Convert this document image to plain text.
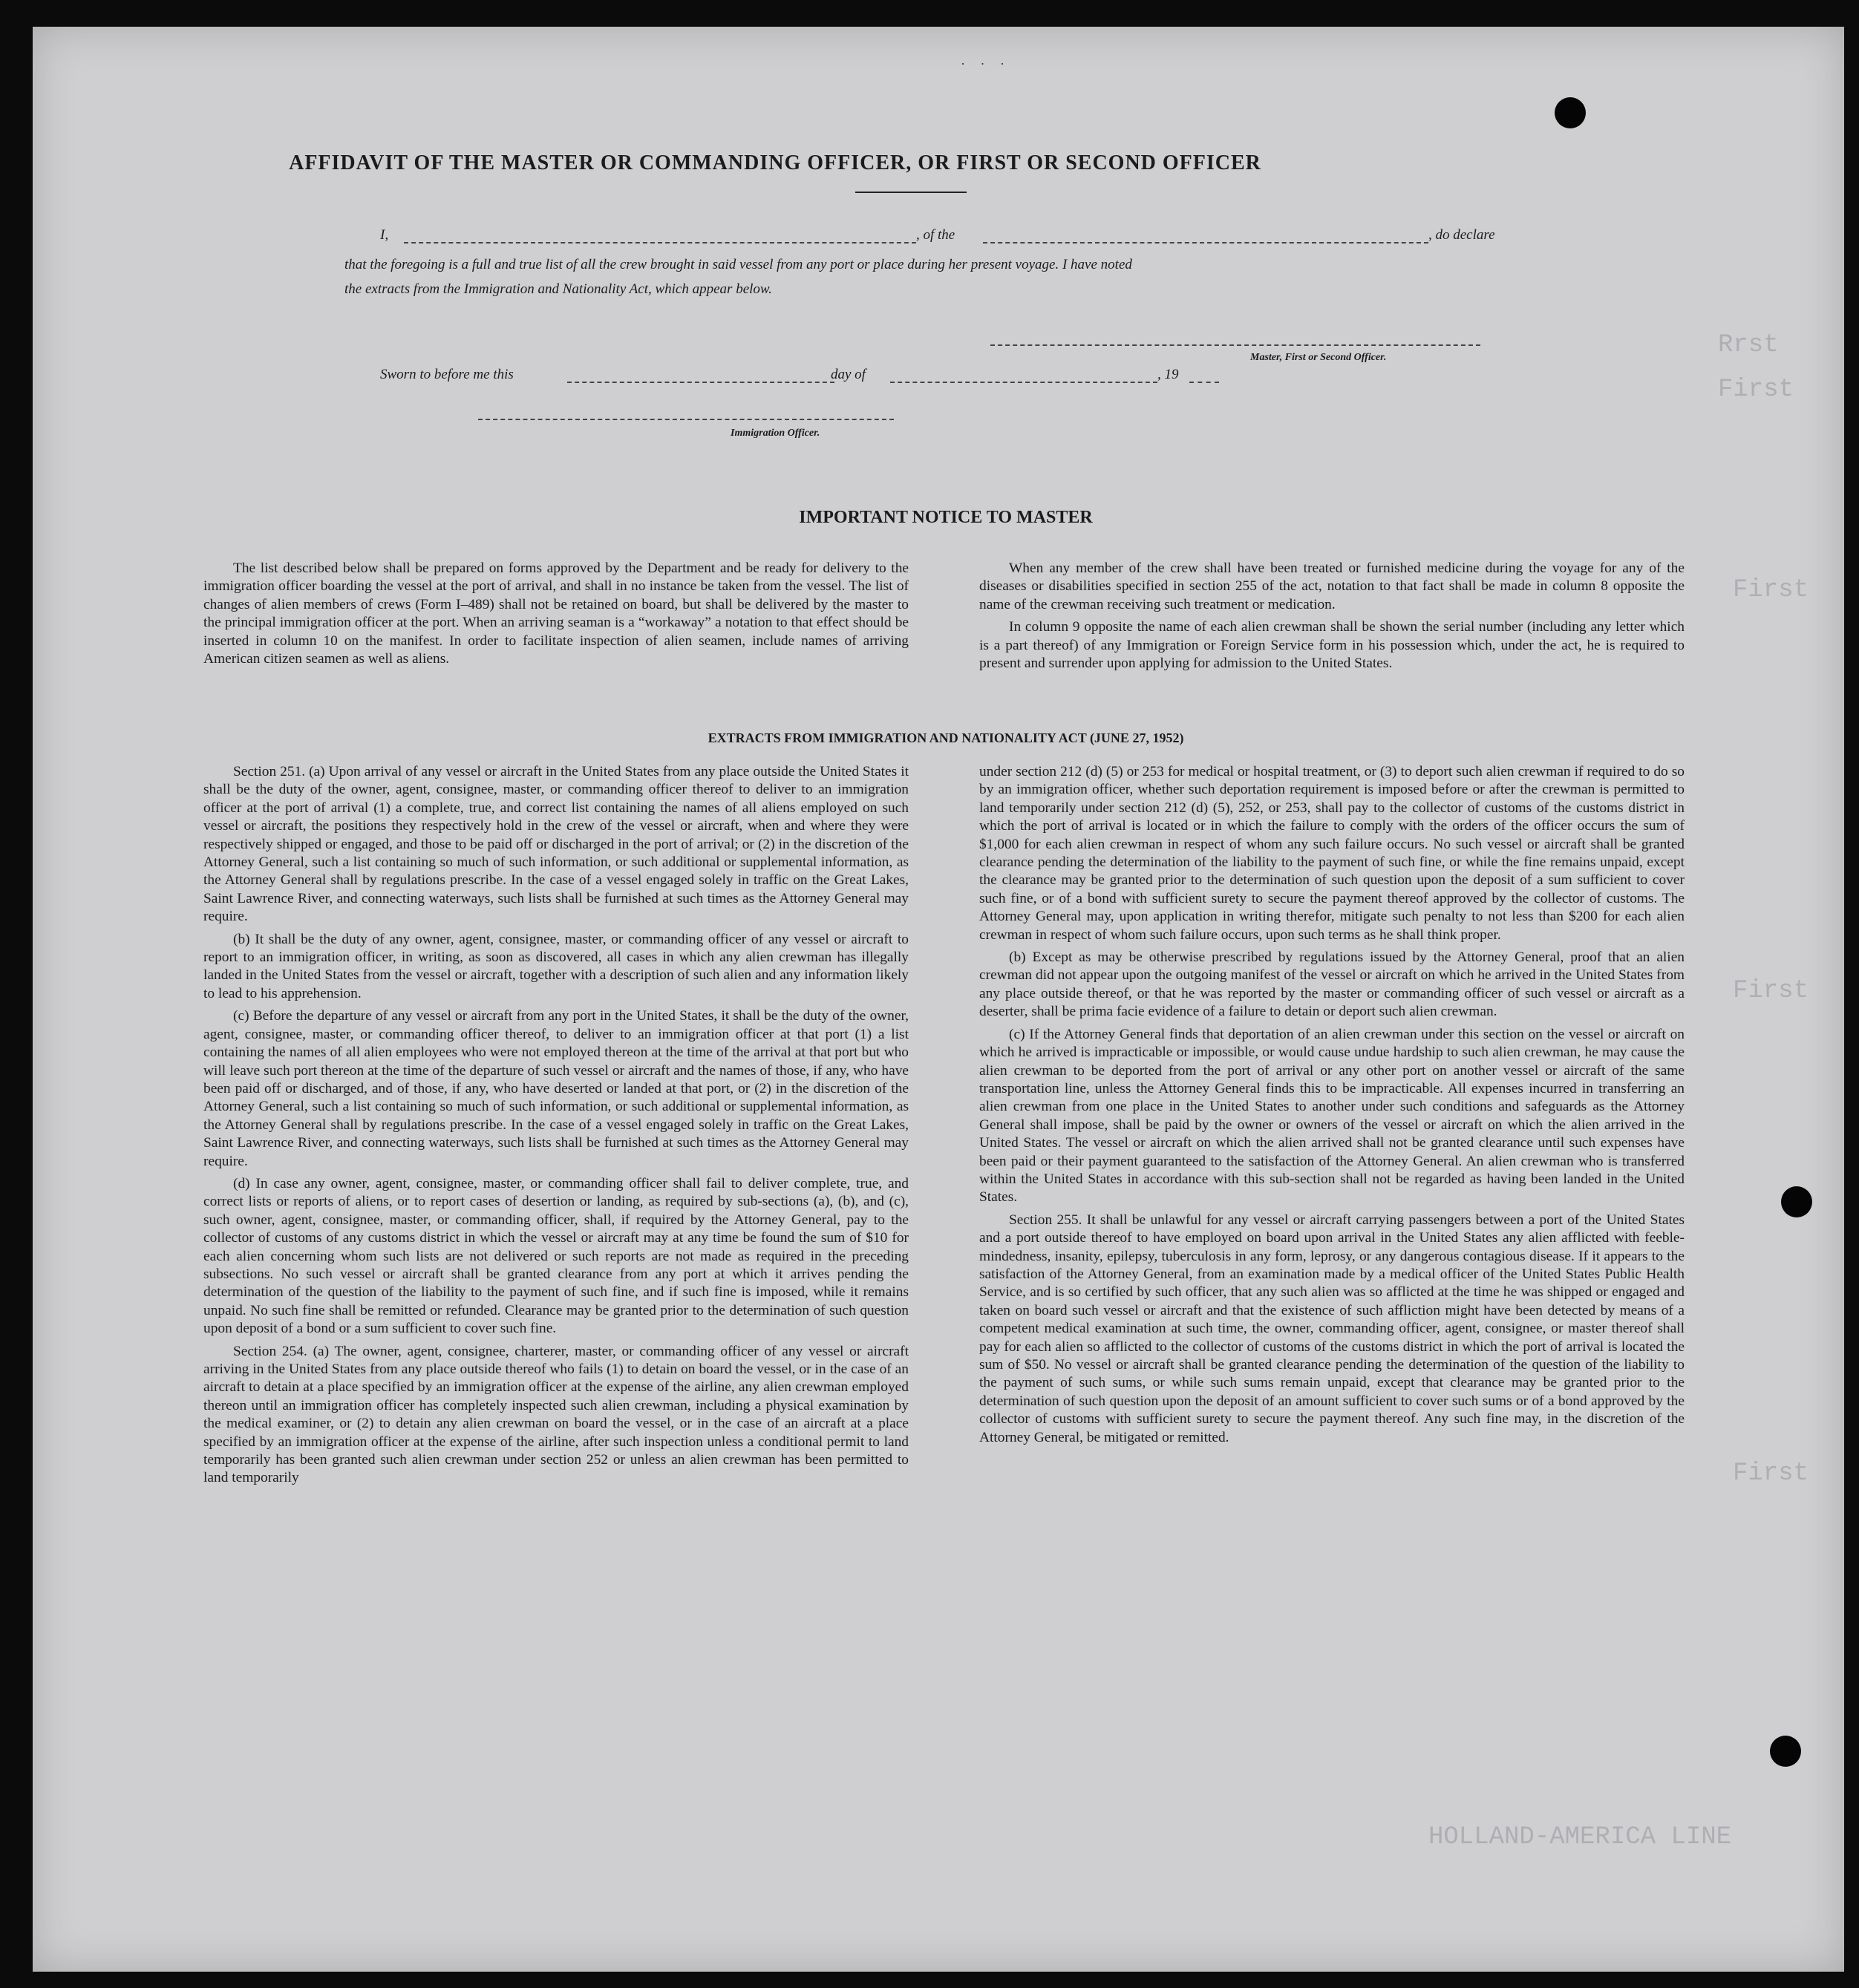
Rrst
First
First
First
First
HOLLAND-AMERICA LINE
· · ·
AFFIDAVIT OF THE MASTER OR COMMANDING OFFICER, OR FIRST OR SECOND OFFICER
I,	, of the	, do declare
that the foregoing is a full and true list of all the crew brought in said vessel from any port or place during her present voyage. I have noted
the extracts from the Immigration and Nationality Act, which appear below.
Master, First or Second Officer.
Sworn to before me this	day of	, 19
Immigration Officer.
IMPORTANT NOTICE TO MASTER

The list described below shall be prepared on forms approved by the Department and be ready for delivery to the immigration officer boarding the vessel at the port of arrival, and shall in no instance be taken from the vessel. The list of changes of alien members of crews (Form I–489) shall not be retained on board, but shall be delivered by the master to the principal immigration officer at the port. When an arriving seaman is a “workaway” a notation to that effect should be inserted in column 10 on the manifest. In order to facilitate inspection of alien seamen, include names of arriving American citizen seamen as well as aliens.

When any member of the crew shall have been treated or furnished medicine during the voyage for any of the diseases or disabilities specified in section 255 of the act, notation to that fact shall be made in column 8 opposite the name of the crewman receiving such treatment or medication.

In column 9 opposite the name of each alien crewman shall be shown the serial number (including any letter which is a part thereof) of any Immigration or Foreign Service form in his possession which, under the act, he is required to present and surrender upon applying for admission to the United States.

EXTRACTS FROM IMMIGRATION AND NATIONALITY ACT (JUNE 27, 1952)

Section 251. (a) Upon arrival of any vessel or aircraft in the United States from any place outside the United States it shall be the duty of the owner, agent, consignee, master, or commanding officer thereof to deliver to an immigration officer at the port of arrival (1) a complete, true, and correct list containing the names of all aliens employed on such vessel or aircraft, the positions they respectively hold in the crew of the vessel or aircraft, when and where they were respectively shipped or engaged, and those to be paid off or discharged in the port of arrival; or (2) in the discretion of the Attorney General, such a list containing so much of such information, or such additional or supplemental information, as the Attorney General shall by regulations prescribe. In the case of a vessel engaged solely in traffic on the Great Lakes, Saint Lawrence River, and connecting waterways, such lists shall be furnished at such times as the Attorney General may require.

(b) It shall be the duty of any owner, agent, consignee, master, or commanding officer of any vessel or aircraft to report to an immigration officer, in writing, as soon as discovered, all cases in which any alien crewman has illegally landed in the United States from the vessel or aircraft, together with a description of such alien and any information likely to lead to his apprehension.

(c) Before the departure of any vessel or aircraft from any port in the United States, it shall be the duty of the owner, agent, consignee, master, or commanding officer thereof, to deliver to an immigration officer at that port (1) a list containing the names of all alien employees who were not employed thereon at the time of the arrival at that port but who will leave such port thereon at the time of the departure of such vessel or aircraft and the names of those, if any, who have been paid off or discharged, and of those, if any, who have deserted or landed at that port, or (2) in the discretion of the Attorney General, such a list containing so much of such information, or such additional or supplemental information, as the Attorney General shall by regulations prescribe. In the case of a vessel engaged solely in traffic on the Great Lakes, Saint Lawrence River, and connecting waterways, such lists shall be furnished at such times as the Attorney General may require.

(d) In case any owner, agent, consignee, master, or commanding officer shall fail to deliver complete, true, and correct lists or reports of aliens, or to report cases of desertion or landing, as required by sub-sections (a), (b), and (c), such owner, agent, consignee, master, or commanding officer, shall, if required by the Attorney General, pay to the collector of customs of any customs district in which the vessel or aircraft may at any time be found the sum of $10 for each alien concerning whom such lists are not delivered or such reports are not made as required in the preceding subsections. No such vessel or aircraft shall be granted clearance from any port at which it arrives pending the determination of the question of the liability to the payment of such fine, and if such fine is imposed, while it remains unpaid. No such fine shall be remitted or refunded. Clearance may be granted prior to the determination of such question upon deposit of a bond or a sum sufficient to cover such fine.

Section 254. (a) The owner, agent, consignee, charterer, master, or commanding officer of any vessel or aircraft arriving in the United States from any place outside thereof who fails (1) to detain on board the vessel, or in the case of an aircraft to detain at a place specified by an immigration officer at the expense of the airline, any alien crewman employed thereon until an immigration officer has completely inspected such alien crewman, including a physical examination by the medical examiner, or (2) to detain any alien crewman on board the vessel, or in the case of an aircraft at a place specified by an immigration officer at the expense of the airline, after such inspection unless a conditional permit to land temporarily has been granted such alien crewman under section 252 or unless an alien crewman has been permitted to land temporarily

under section 212 (d) (5) or 253 for medical or hospital treatment, or (3) to deport such alien crewman if required to do so by an immigration officer, whether such deportation requirement is imposed before or after the crewman is permitted to land temporarily under section 212 (d) (5), 252, or 253, shall pay to the collector of customs of the customs district in which the port of arrival is located or in which the failure to comply with the orders of the officer occurs the sum of $1,000 for each alien crewman in respect of whom any such failure occurs. No such vessel or aircraft shall be granted clearance pending the determination of the liability to the payment of such fine, or while the fine remains unpaid, except the clearance may be granted prior to the determination of such question upon the deposit of a sum sufficient to cover such fine, or of a bond with sufficient surety to secure the payment thereof approved by the collector of customs. The Attorney General may, upon application in writing therefor, mitigate such penalty to not less than $200 for each alien crewman in respect of whom such failure occurs, upon such terms as he shall think proper.

(b) Except as may be otherwise prescribed by regulations issued by the Attorney General, proof that an alien crewman did not appear upon the outgoing manifest of the vessel or aircraft on which he arrived in the United States from any place outside thereof, or that he was reported by the master or commanding officer of such vessel or aircraft as a deserter, shall be prima facie evidence of a failure to detain or deport such alien crewman.

(c) If the Attorney General finds that deportation of an alien crewman under this section on the vessel or aircraft on which he arrived is impracticable or impossible, or would cause undue hardship to such alien crewman, he may cause the alien crewman to be deported from the port of arrival or any other port on another vessel or aircraft of the same transportation line, unless the Attorney General finds this to be impracticable. All expenses incurred in transferring an alien crewman from one place in the United States to another under such conditions and safeguards as the Attorney General shall impose, shall be paid by the owner or owners of the vessel or aircraft on which the alien arrived in the United States. The vessel or aircraft on which the alien arrived shall not be granted clearance until such expenses have been paid or their payment guaranteed to the satisfaction of the Attorney General. An alien crewman who is transferred within the United States in accordance with this sub-section shall not be regarded as having been landed in the United States.

Section 255. It shall be unlawful for any vessel or aircraft carrying passengers between a port of the United States and a port outside thereof to have employed on board upon arrival in the United States any alien afflicted with feeble-mindedness, insanity, epilepsy, tuberculosis in any form, leprosy, or any dangerous contagious disease. If it appears to the satisfaction of the Attorney General, from an examination made by a medical officer of the United States Public Health Service, and is so certified by such officer, that any such alien was so afflicted at the time he was shipped or engaged and taken on board such vessel or aircraft and that the existence of such affliction might have been detected by means of a competent medical examination at such time, the owner, commanding officer, agent, consignee, or master thereof shall pay for each alien so afflicted to the collector of customs of the customs district in which the port of arrival is located the sum of $50. No vessel or aircraft shall be granted clearance pending the determination of the question of the liability to the payment of such sums, or while such sums remain unpaid, except that clearance may be granted prior to the determination of such question upon the deposit of an amount sufficient to cover such sums or of a bond approved by the collector of customs with sufficient surety to secure the payment thereof. Any such fine may, in the discretion of the Attorney General, be mitigated or remitted.
